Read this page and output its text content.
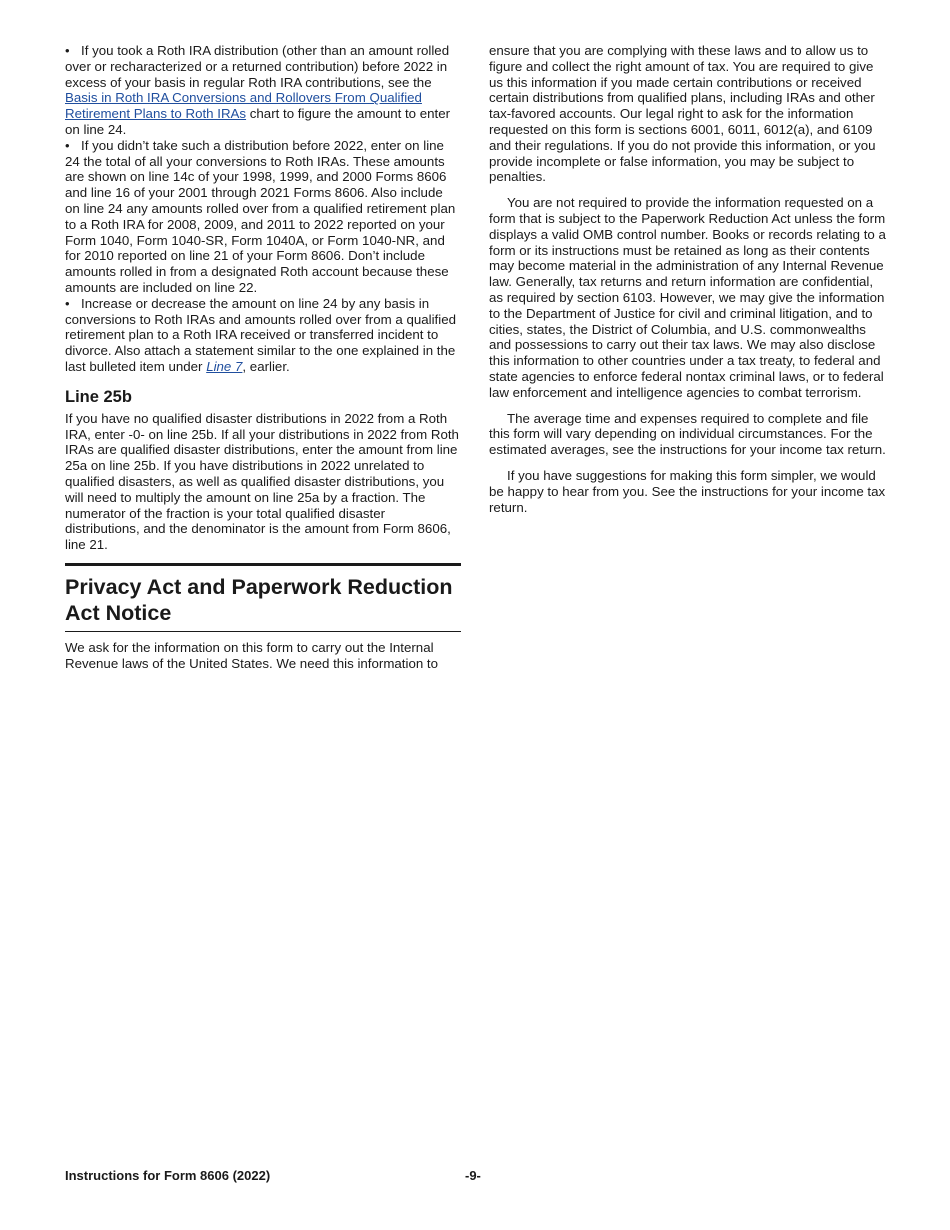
• If you took a Roth IRA distribution (other than an amount rolled over or recharacterized or a returned contribution) before 2022 in excess of your basis in regular Roth IRA contributions, see the Basis in Roth IRA Conversions and Rollovers From Qualified Retirement Plans to Roth IRAs chart to figure the amount to enter on line 24.

• If you didn’t take such a distribution before 2022, enter on line 24 the total of all your conversions to Roth IRAs. These amounts are shown on line 14c of your 1998, 1999, and 2000 Forms 8606 and line 16 of your 2001 through 2021 Forms 8606. Also include on line 24 any amounts rolled over from a qualified retirement plan to a Roth IRA for 2008, 2009, and 2011 to 2022 reported on your Form 1040, Form 1040-SR, Form 1040A, or Form 1040-NR, and for 2010 reported on line 21 of your Form 8606. Don’t include amounts rolled in from a designated Roth account because these amounts are included on line 22.

• Increase or decrease the amount on line 24 by any basis in conversions to Roth IRAs and amounts rolled over from a qualified retirement plan to a Roth IRA received or transferred incident to divorce. Also attach a statement similar to the one explained in the last bulleted item under Line 7, earlier.

Line 25b

If you have no qualified disaster distributions in 2022 from a Roth IRA, enter -0- on line 25b. If all your distributions in 2022 from Roth IRAs are qualified disaster distributions, enter the amount from line 25a on line 25b. If you have distributions in 2022 unrelated to qualified disasters, as well as qualified disaster distributions, you will need to multiply the amount on line 25a by a fraction. The numerator of the fraction is your total qualified disaster distributions, and the denominator is the amount from Form 8606, line 21.

Privacy Act and Paperwork Reduction Act Notice

We ask for the information on this form to carry out the Internal Revenue laws of the United States. We need this information to

ensure that you are complying with these laws and to allow us to figure and collect the right amount of tax. You are required to give us this information if you made certain contributions or received certain distributions from qualified plans, including IRAs and other tax-favored accounts. Our legal right to ask for the information requested on this form is sections 6001, 6011, 6012(a), and 6109 and their regulations. If you do not provide this information, or you provide incomplete or false information, you may be subject to penalties.

You are not required to provide the information requested on a form that is subject to the Paperwork Reduction Act unless the form displays a valid OMB control number. Books or records relating to a form or its instructions must be retained as long as their contents may become material in the administration of any Internal Revenue law. Generally, tax returns and return information are confidential, as required by section 6103. However, we may give the information to the Department of Justice for civil and criminal litigation, and to cities, states, the District of Columbia, and U.S. commonwealths and possessions to carry out their tax laws. We may also disclose this information to other countries under a tax treaty, to federal and state agencies to enforce federal nontax criminal laws, or to federal law enforcement and intelligence agencies to combat terrorism.

The average time and expenses required to complete and file this form will vary depending on individual circumstances. For the estimated averages, see the instructions for your income tax return.

If you have suggestions for making this form simpler, we would be happy to hear from you. See the instructions for your income tax return.

Instructions for Form 8606 (2022)	-9-
